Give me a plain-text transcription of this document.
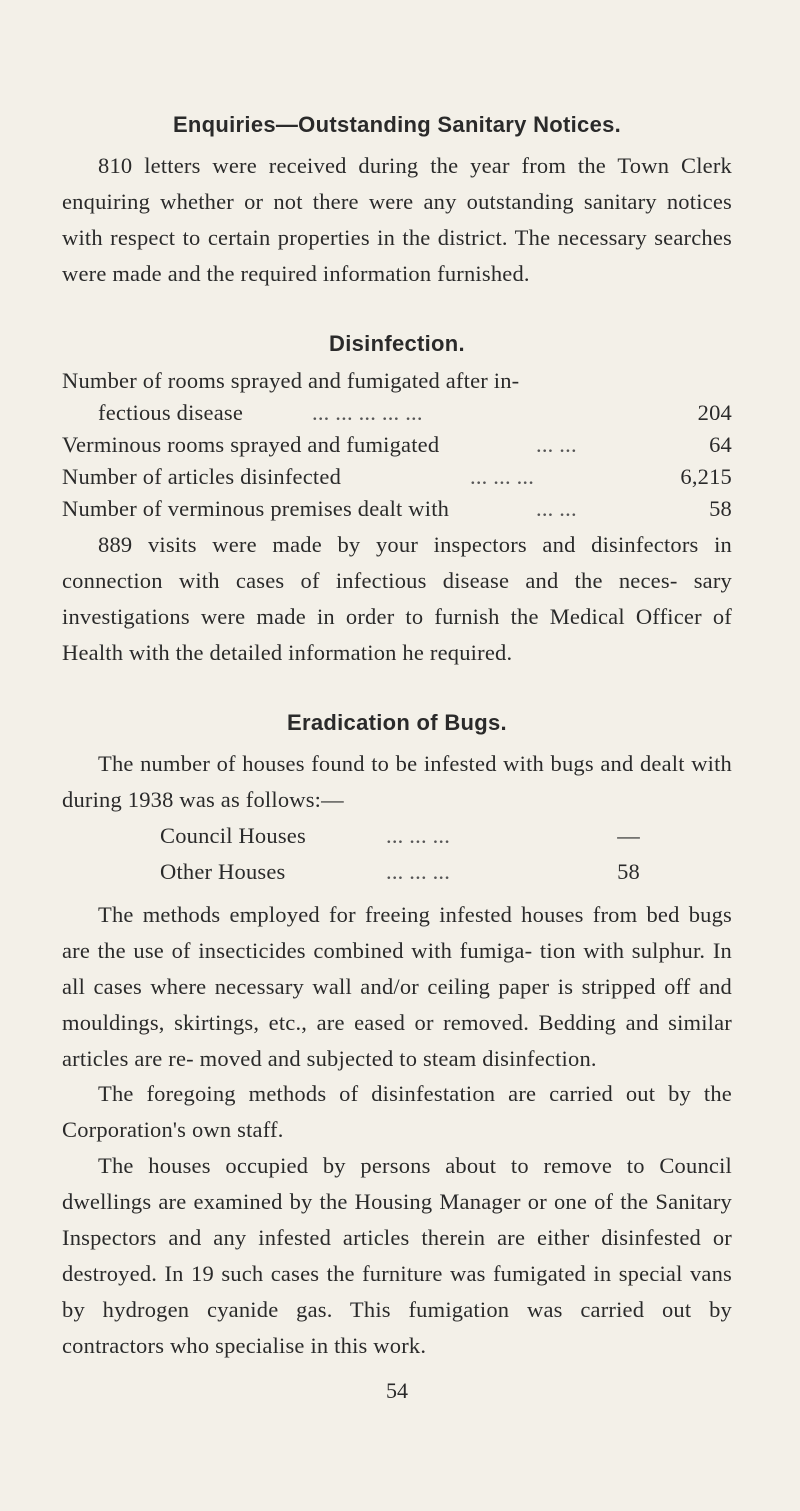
Enquiries—Outstanding Sanitary Notices.
810 letters were received during the year from the Town Clerk enquiring whether or not there were any outstanding sanitary notices with respect to certain properties in the district. The necessary searches were made and the required information furnished.
Disinfection.
Number of rooms sprayed and fumigated after in-
fectious disease	... ... ... ... ...	204
Verminous rooms sprayed and fumigated	... ...	64
Number of articles disinfected	... ... ...	6,215
Number of verminous premises dealt with	... ...	58
889 visits were made by your inspectors and disinfectors in connection with cases of infectious disease and the neces- sary investigations were made in order to furnish the Medical Officer of Health with the detailed information he required.
Eradication of Bugs.
The number of houses found to be infested with bugs and dealt with during 1938 was as follows:—
Council Houses	... ... ...	—
Other Houses	... ... ...	58
The methods employed for freeing infested houses from bed bugs are the use of insecticides combined with fumiga- tion with sulphur. In all cases where necessary wall and/or ceiling paper is stripped off and mouldings, skirtings, etc., are eased or removed. Bedding and similar articles are re- moved and subjected to steam disinfection.
The foregoing methods of disinfestation are carried out by the Corporation's own staff.
The houses occupied by persons about to remove to Council dwellings are examined by the Housing Manager or one of the Sanitary Inspectors and any infested articles therein are either disinfested or destroyed. In 19 such cases the furniture was fumigated in special vans by hydrogen cyanide gas. This fumigation was carried out by contractors who specialise in this work.
54
